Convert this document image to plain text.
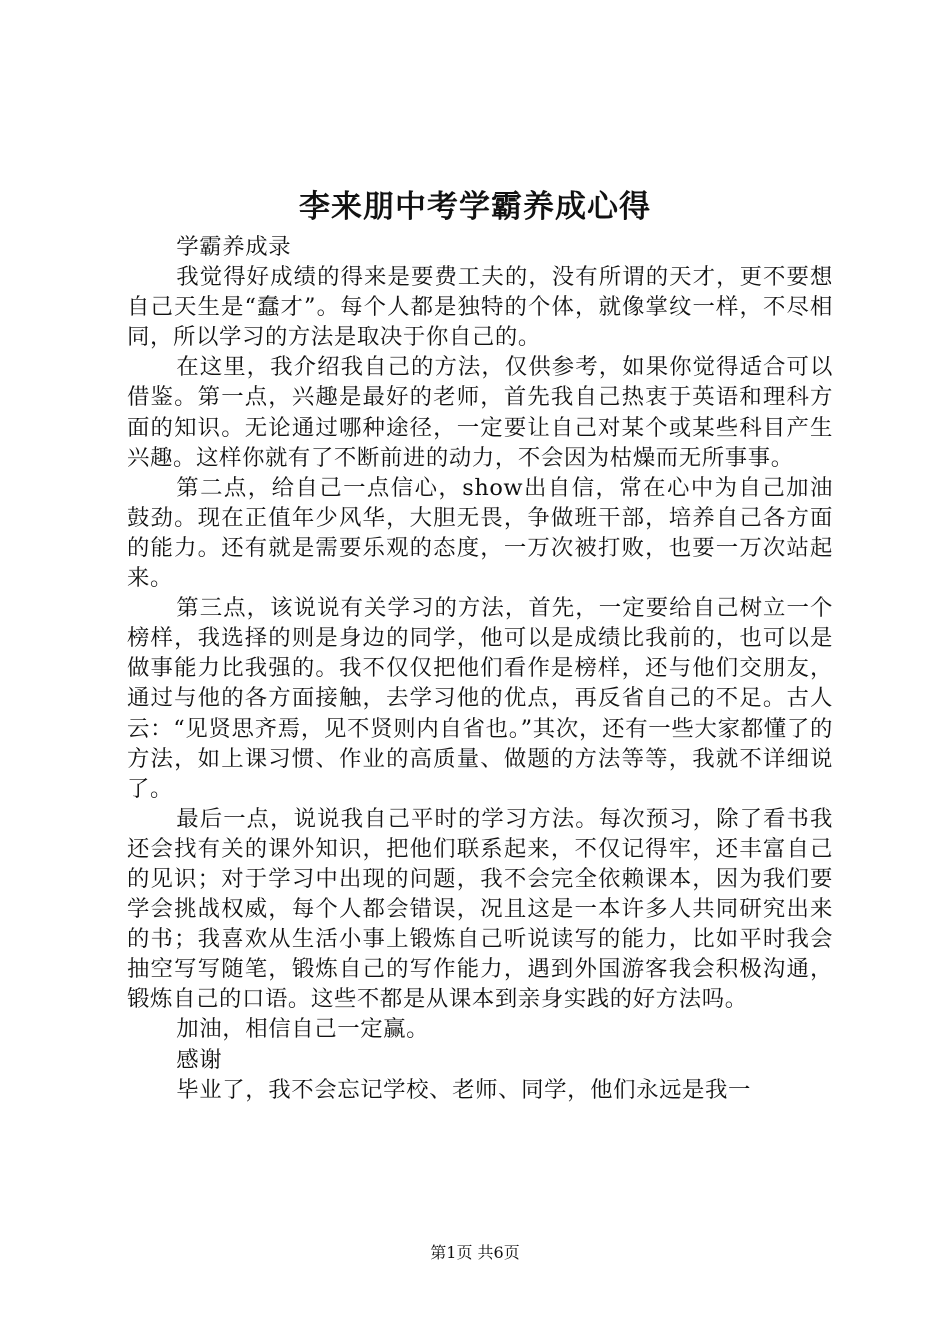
李来朋中考学霸养成心得

学霸养成录

我觉得好成绩的得来是要费工夫的，没有所谓的天才，更不要想自己天生是“蠢才”。每个人都是独特的个体，就像掌纹一样，不尽相同，所以学习的方法是取决于你自己的。

在这里，我介绍我自己的方法，仅供参考，如果你觉得适合可以借鉴。第一点，兴趣是最好的老师，首先我自己热衷于英语和理科方面的知识。无论通过哪种途径，一定要让自己对某个或某些科目产生兴趣。这样你就有了不断前进的动力，不会因为枯燥而无所事事。

第二点，给自己一点信心，show出自信，常在心中为自己加油鼓劲。现在正值年少风华，大胆无畏，争做班干部，培养自己各方面的能力。还有就是需要乐观的态度，一万次被打败，也要一万次站起来。

第三点，该说说有关学习的方法，首先，一定要给自己树立一个榜样，我选择的则是身边的同学，他可以是成绩比我前的，也可以是做事能力比我强的。我不仅仅把他们看作是榜样，还与他们交朋友，通过与他的各方面接触，去学习他的优点，再反省自己的不足。古人云：“见贤思齐焉，见不贤则内自省也。”其次，还有一些大家都懂了的方法，如上课习惯、作业的高质量、做题的方法等等，我就不详细说了。

最后一点，说说我自己平时的学习方法。每次预习，除了看书我还会找有关的课外知识，把他们联系起来，不仅记得牢，还丰富自己的见识；对于学习中出现的问题，我不会完全依赖课本，因为我们要学会挑战权威，每个人都会错误，况且这是一本许多人共同研究出来的书；我喜欢从生活小事上锻炼自己听说读写的能力，比如平时我会抽空写写随笔，锻炼自己的写作能力，遇到外国游客我会积极沟通，锻炼自己的口语。这些不都是从课本到亲身实践的好方法吗。

加油，相信自己一定赢。

感谢

毕业了，我不会忘记学校、老师、同学，他们永远是我一

第1页 共6页
